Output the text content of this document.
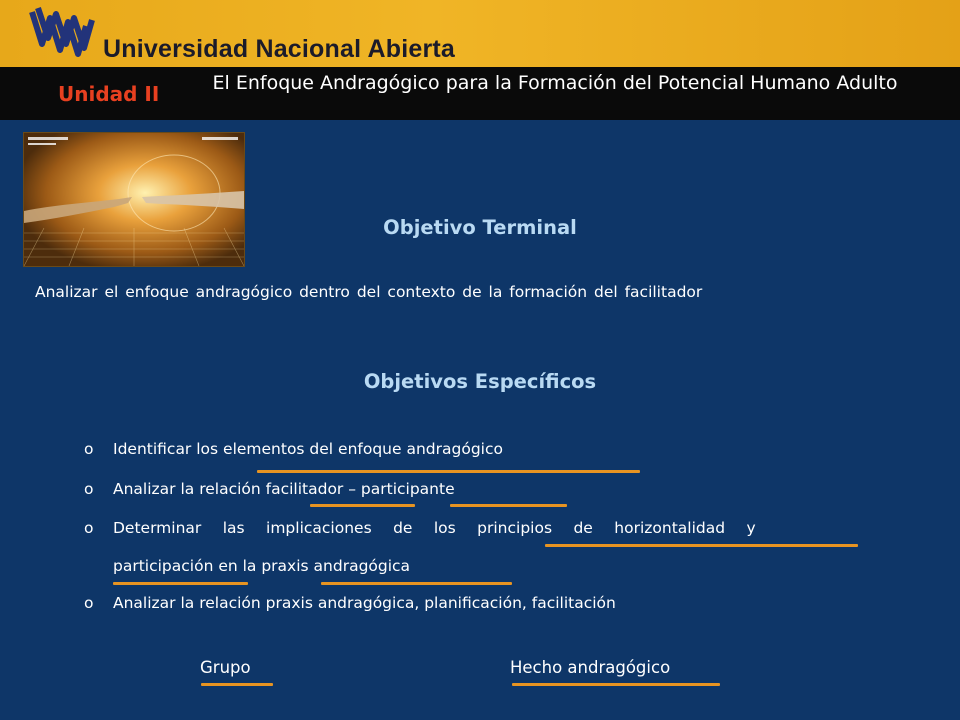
Universidad Nacional Abierta
Unidad II	El Enfoque Andragógico para la Formación del Potencial Humano Adulto
Objetivo Terminal
Analizar el enfoque andragógico dentro del contexto de la formación del facilitador
Objetivos Específicos
o Identificar los elementos del enfoque andragógico
o Analizar la relación facilitador – participante
o Determinar las implicaciones de los principios de horizontalidad y
participación en la praxis andragógica
o Analizar la relación praxis andragógica, planificación, facilitación
Grupo	Hecho andragógico
